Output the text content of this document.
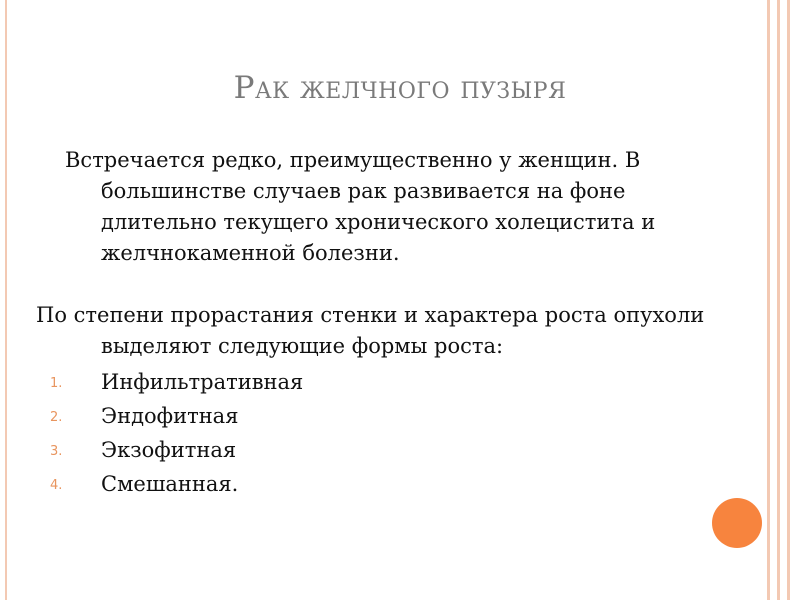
Рак желчного пузыря

Встречается редко, преимущественно у женщин. В большинстве случаев рак развивается на фоне длительно текущего хронического холецистита и желчнокаменной болезни.

По степени прорастания стенки и характера роста опухоли выделяют следующие формы роста:

1. Инфильтративная
2. Эндофитная
3. Экзофитная
4. Смешанная.
